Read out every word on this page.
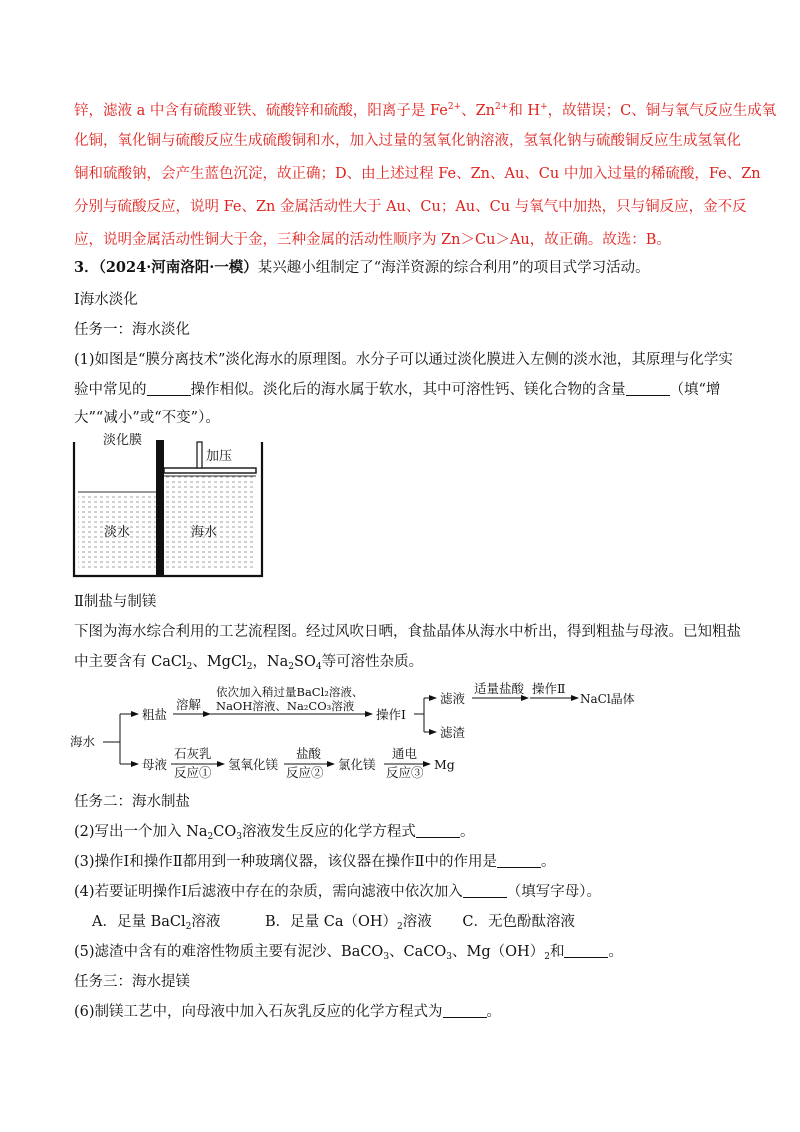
锌，滤液 a 中含有硫酸亚铁、硫酸锌和硫酸，阳离子是 $Fe^{2+}$、$Zn^{2+}$和 H+，故错误；C、铜与氧气反应生成氧
化铜，氧化铜与硫酸反应生成硫酸铜和水，加入过量的氢氧化钠溶液，氢氧化钠与硫酸铜反应生成氢氧化
铜和硫酸钠，会产生蓝色沉淀，故正确；D、由上述过程 Fe、Zn、Au、Cu 中加入过量的稀硫酸，Fe、Zn
分别与硫酸反应，说明 Fe、Zn 金属活动性大于 Au、Cu；Au、Cu 与氧气中加热，只与铜反应，金不反
应，说明金属活动性铜大于金，三种金属的活动性顺序为 Zn＞Cu＞Au，故正确。故选：B。
3．（2024·河南洛阳·一模）某兴趣小组制定了“海洋资源的综合利用”的项目式学习活动。
Ⅰ海水淡化
任务一：海水淡化
(1)如图是“膜分离技术”淡化海水的原理图。水分子可以通过淡化膜进入左侧的淡水池，其原理与化学实
验中常见的	操作相似。淡化后的海水属于软水，其中可溶性钙、镁化合物的含量	（填“增
大”“减小”或“不变”）。
淡化膜
加压
淡水	海水
Ⅱ制盐与制镁
下图为海水综合利用的工艺流程图。经过风吹日晒，食盐晶体从海水中析出，得到粗盐与母液。已知粗盐
中主要含有 CaCl$_2$、MgCl$_2$，$Na_2SO_4$等可溶性杂质。
海水
粗盐
溶解
依次加入稍过量BaCl₂溶液、
NaOH溶液、Na₂CO₃溶液
操作Ⅰ
滤液
滤渣
适量盐酸 操作Ⅱ
NaCl晶体
母液
石灰乳
反应①
氢氧化镁
盐酸
反应②
氯化镁
通电
反应③
Mg
任务二：海水制盐
(2)写出一个加入 $Na_2CO_3$溶液发生反应的化学方程式	。
(3)操作Ⅰ和操作Ⅱ都用到一种玻璃仪器，该仪器在操作Ⅱ中的作用是	。
(4)若要证明操作Ⅰ后滤液中存在的杂质，需向滤液中依次加入	（填写字母）。
A．足量 BaCl$_2$溶液	B．足量 $Ca(OH)_2$溶液 C．无色酚酞溶液
(5)滤渣中含有的难溶性物质主要有泥沙、BaCO$_3$、CaCO$_3$、$Mg(OH)_2$和	。
任务三：海水提镁
(6)制镁工艺中，向母液中加入石灰乳反应的化学方程式为	。
